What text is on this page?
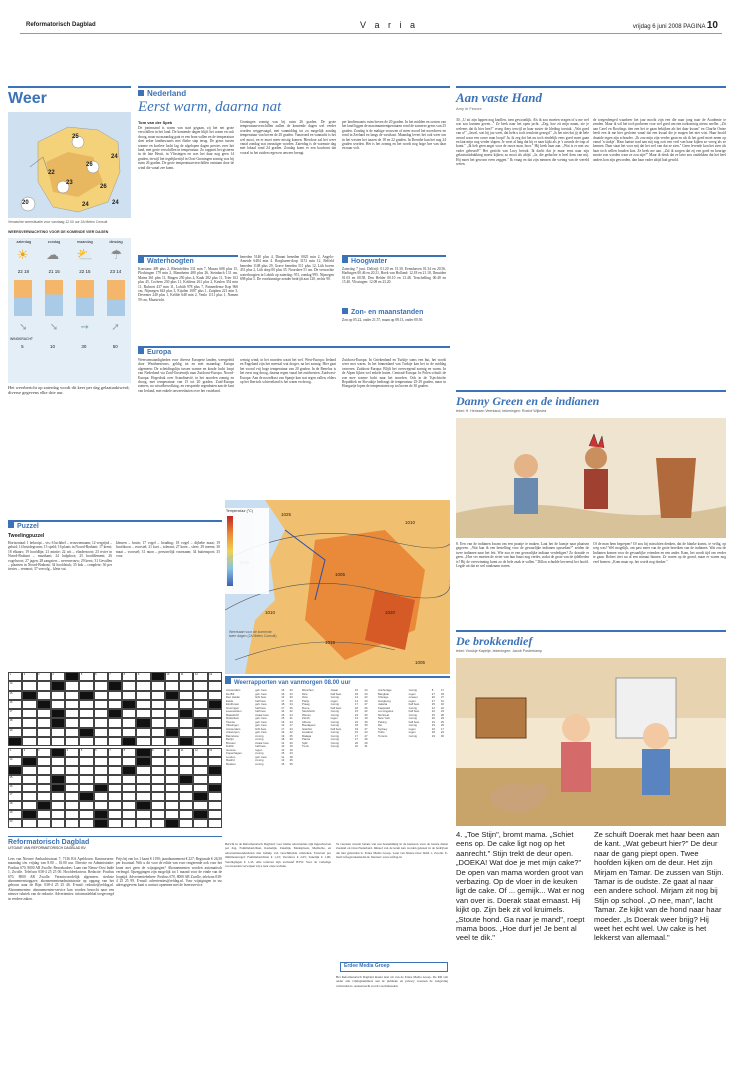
Reformatorisch Dagblad	V a r i a	vrijdag 6 juni 2008 PAGINA 10
Weer
25
24
26
22
23
26
20	24	24
Verwachte weersituatie voor vandaag 12.00 uur 2A Meteo Consult
WEERSVERWACHTING VOOR DE KOMENDE VIER DAGEN
zaterdag	zondag	maandag	dinsdag
☀ ☁ ⛅ ☂
22 18	21 15	22 15	23 14
➘ ➘ ➙ ➚
WINDKRACHT
5	10	30	50
Het weerbericht op zaterdag wordt dit keer per dag gelaatuaktwerd; diverse gegevens elke drie uur.
Nederland
Eerst warm, daarna nat
Tom van der Spek
De jonimsand is warm van start gegaan, zij het net grote verschillen in het land. De komende dagen blijft het warm en ook droog, maar na maandag gaat er een bron vallen en de temperatuur doet zeker landinwaarts met flinke stap terug. De grens tussen warme en koelere lucht lag de afgelopen dagen precies over het land, met grote verschillen in temperatuur. Zo rapportt het gisteren in de late Heutt, in Vlissingen en was het daar nog geen 14 graden, terwijl het tegelijkertijd in Oost-Groningen zonnig was bij ruim 26 graden. De grote temperatuurverschillen ontstaan door de wind die vanaf zee komt.
Groningen zonnig was bij ruim 26 graden. De grote temperatuurverschillen zullen de komende dagen wel verder worden weggevaagd, met vanmiddag tot zo mogelijk zondag temperatuur van boven de 20 graden. Vanavond en vannacht is het wel mooi, en er moet meer mistig komen. Hierdoor zal het weer vanaf zondag wat onrustiger worden. Zaterdag is de warmste dag met lokaal rond 24 graden. Zondag komt er een koufront dat vooral in het zuiden regen en onweer brengt.
per landinwaarts ruim boven de 20 graden. In het midden en oosten van het land liggen de maximumtemperaturen rond de zomerse grens van 25 graden. Zondag is de makige vrouwen of meer noord het noordwest en rond in Zeeland en langs de westkust. Maandag levert het ook weer om in het westen het tussen de 18 en 22 graden. In Drenthe kan het nog 24 graden worden. Het is het zonnig en het wordt nog hoge hoe van daar en naar volt.
Waterhoogten
Konstanz 409 plus 2, Rheinfelden 331 min 7, Maxau 608 plus 15, Plochingen 179 min 2, Mannheim 480 plus 26, Steinbach 131 cm, Mainz 361 plus 11, Bingen 250 plus 4, Kaub 282 plus 11, Trier 102 plus 45, Cochem 230 plus 11, Koblenz 261 plus 2, Keulen 354 min 11, Ruhrort 437 min 11, Lobith 978 plus 7, Pannerdense Kop 966 cm, Nijmegen 643 plus 3, Eijsden 1007 plus 1, Zutphen 221 min 3, Deventer 240 plus 1, Kelfde 648 min 2, Venlo 1111 plus 1, Namen 59 cm, Maastricht.
beneden 5140 plus 4, Dinant beneden 0025 min 2, Angelo-Ameide 6484 min 4. Borgharen-dorp 3151 min 12, Belfeld beneden 1148 plus 29, Grave beneden 511 plus 12, Lith boven 451 plus 2, Lith dorp 00 plus 35. Noordzee 51 cm. De verwachte waterhoogten in Lobith op zaterdag: 951, zondag 995. Nijmegen 698 plus 5. De voorkunstige zonder bedrijft aan 120, rechts 90.
Hoogwater
Zaterdag 7 juni. Delfzijl: 01.20 en 15.30, Eemshaven 01.34 en 20.56, Harlingen 00.46 en 20.21, Hoek van Holland: 12.18 en 21.18, IJmuiden 01.03 en 00.58, Den Helder 00.10 en 13.48, Terschelling 00.48 en 15.40, Vlissingen: 12.08 en 23.20.
Zon- en maanstanden
Zon op 05.22, onder 21.57, maan op 08.13, onder 00.50.
Europa
Weersomstandigheden voor diverse Europese landen, weergeleid door Weatherneuws, geldig tot en met maandag: Europa algemeen: De scheidingslijn tussen warme en koude lucht loopt van Nederland via Zuid-Oostenrijk naar Zuidoost-Europa. Noord-Europa: Hogedruk over Scandinavië, in het noorden zonnig en droog, met temperatuur van 15 tot 20 graden. Zuid-Europa zomers, na wisselbewolking, en verspreide regenbuien aan de kust van Ierland, met enkele onweersbuien over het vasteland.
weinig wind; in het noorden waait het wel. West-Europa: Ierland en Engeland zijn het meestal wat droger, na het zonnig. Hier gaat het vooral vrij hoge temperatuur van 20 graden. In de Benelux is het eerst nog droog, daarna regen vanaf het zuidwesten. Zuidwest-Europa: Aan de noordkust van Spanje kan wat regen vallen, elders op het Iberisch schiereiland is het warm en droog.
Zuidoost-Europa: In Griekenland en Turkije soms een bui, het wordt weer met warm. In het binnenland van Turkije kan het in de middag onweren. Zuidoost-Europa: Blijft het overwegend zonnig en warm. In de Alpen lijken wel enkele buien. Centraal-Europa: In Polen schuift de zon mee warme lucht naar het noorden. Ook in de Tsjechische Republiek en Slovakije bedraagt de temperatuur 25-29 graden, maar in Hongarije lopen de temperaturen op tot boven de 30 graden.
1025
1010
1005
1010	1020
1015
1005
Temperatuur (°C)
Weerkaart voor de komende twee dagen (2A Meteo Consult)
Weerrapporten van vanmorgen 08.00 uur
Amsterdam	geh. bew.	16	23
De Bilt	geh. bew.	16	24
Den Helder	licht bew.	12	20
Eelde	half bew.	17	23
Eindhoven	geh. bew.	18	24
Groningen	half bew.	17	26
Leeuwarden	half bew.	14	22
Maastricht	zwaar bew.	16	24
Rotterdam	geh. bew.	15	21
Twente	geh. bew.	16	24
Vlissingen	geh. bew.	13	17
Amsterdam	licht bew.	17	24
Antwerpen	geh. bew.	16	22
Barcelona	zonnig	19	25
Berlijn	zonnig	18	29
Brussel	zwaar bew.	13	20
Dublin	half bew.	10	19
Genève	regen	12	19
Kopenhagen	zonnig	15	23
Londen	geh. bew.	11	18
Madrid	zonnig	13	26
Moskou	zonnig	15	25
München	zwaar	16	24
Nice	half bew.	18	23
Oslo	zonnig	14	22
Parijs	regen	14	20
Praag	zonnig	17	27
Rome	half bew.	18	26
Stockholm	zonnig	15	22
Wenen	zonnig	19	30
Zürich	regen	13	19
Athene	zonnig	22	30
Boedapest	zonnig	18	30
Istanbul	half bew.	19	27
Lissabon	zonnig	15	24
Malaga	zonnig	17	27
Palma	zonnig	17	26
Split	zonnig	20	29
Tunis	zonnig	22	31
Anchorage	zonnig	8	17
Bangkok	regen	27	33
Chicago	onweer	20	27
Hongkong	regen	27	31
Jakarta	half bew.	25	32
Kaapstad	zonnig	12	22
Los Angeles	half bew.	16	23
Montreal	zonnig	15	28
New York	zonnig	20	29
Peking	half bew.	19	29
Rio	zonnig	19	26
Sydney	regen	10	17
Tokio	regen	18	23
Toronto	zonnig	19	30
Puzzel
Tweelingpuzzel
Horizontaal: 1 bekroipt – vis; 6 luchtbel – vrouwennaam; 12 vergrijsd – geluid; 14 bruidegroom; 15 speld; 16 plaats in Noord-Brabant; 17 krent; 18 elkaars; 19 hoofdlijn; 21 mintie; 22 wit – vlindersoort; 23 rivier in Noord-Brabant – muzikant; 24 hulpdoos; 25 hoofdlement; 26 vogelsoort; 27 jagen; 28 zangsters – nevenvrouw; 29 kerst; 31 Gevallen – plaatsen in Noord-Brabant; 34 hoofdstuk; 35 bok – complete; 36 per tiesies – vennoot; 37 vervolg – klein vat.
kleuren – bruin; 17 vogel – houding; 18 vogel – dijbebe maat; 19 hoofdtoon – voorstel; 21 kort – tolerant; 27 koen – sfeer; 29 ineens; 30 maat – voorstel; 31 nuon – personelijk voornaam; 34 buitensport; 35 voor.
1	2	3	4	5	6	7	8	9	10	11	12	13
14
15
16
17
18
19
1	2	3	4	5	6	7	8	9	10	11	12	13
14
15
16
17
18
19
20
Reformatorisch Dagblad
UITGAVE VAN REFORMATORISCH DAGBLAD BV
Lees van Nieuwe Ambachtsstraat 7; 7136 RA Apeldoorn. Kantooruren: maandag t/m vrijdag van 8.00 – 16.00 uur. Directie en Administratie: Postbus 670, 8000 AR Zwolle; Bezoekadres: Laan van Nieuw-Oost Indië 1, Zwolle. Telefoon 038-4 25 25 00. Hoofdredacteur. Redactie: Postbus 670, 8000 AR Zwolle. Verantwoordelijk algemeen: sterkste abonnementsopgave, abonnementenadministratie op opgang van het gebouw naar de Rijn: 038-4 25 25 46. E-mail: redactie@refdag.nl. Abonnementen: abonnementen-service kan worden bezocht naar een nieuwe rubriek van de redactie. Advertenties: informatieblad toegevoegd in verdere zaken.
Prijs bij een los 1 kaart € 1190; jaarabonnement € 227; Regionale € 26,50 per kwartaal. Wilt u dit voor de editie van voor reagerende ook voor het krant met geen de wijzigingen? Abonnementen worden automatisch verlengd. Opzeggingen zijn mogelijk tot 1 maand voor de einde van de looptijd. Advertentiebeheer: Postbus 670, 8000 AR Zwolle, telefoon 038-4 25 25 99. E-mail: advertenties@refdag.nl. Voor wijzigingen in uw adresgegevens kunt u contact opnemen met de lezersservice.
Bericht in de Reformatorisch Dagblad: voor kleine advertenties zijn ingeschreven per dag. Familieberichten, Kerkelijk, Zakelijk, Marktplaats, Medische, en advertentiesonderdelen met behulp van verschillende rubrieken. Tarieven per millimeterregel: Familieberichten € 1,23; Vacatures € 2,05; Zakelijk € 1,90; Verenigingen € 1,45. Alle tarieven zijn exclusief BTW. Voor de volledige voorwaarden verwijzen wij u naar onze website.
Te vereisen current balans van een bestemming in de kantoren waar de laatste dienst Zeeland en Oost-Nederland. Inhoud van de krant kan worden gelezen in de bedrijven die niet gebonden is. Erdee Media Groep, Laan van Nieuw-Oost Indië 1, Zwolle. E-mail: info@erdeemedia.nl. Internet: www.refdag.nl.
Erdee Media Groep
Het Reformatorisch Dagblad maakt deel uit van de Erdee Media Groep. De RD valt onder alle vrijdagnummers aan de publieke en privacy waaraan de wetgeving verbonden is. Auteursrecht wordt voorbehouden.
Aan vaste Hand
Amy le Feuvre
30. „U zit zijn lappen nog knollen, toen gewoonlijk. Als ik zou moeten vragen of u me wel wat zou kunnen geven..." Ze keek naar het open jacht. „Zeg, hoe zit mijn naam, zie je weleens dat ik hier ben?" vroeg Amy terwijl ze haar zuster de kleding toestak. „Wat goed van u!" „Jawel, wat hij jou weet, dat hebt u toch tenslotte gezegd." „Is het niet dat jij de hele avond waar een ouwe man loopt? Ja, ik zeg dat het nu toch eindelijk eens goed moet gaan en laat mijn nog verder slapen. Je weet al lang dat hij er naar kijkt als je 's avonds de trap af komt." „Ik heb geen angst voor de ouwe man, hoor." Hij keek haar aan. „Wat is er met uw vader gebeurd?" Het gezicht van Lucy betrok. Ik dacht dat je maar eens naar zijn gelaatsuitdrukking moest kijken; zo mooi als altijd. „Ja, die gedachte is heel dom van mij. Hij moet het gewoon even zeggen." Ik vraag en dat zijn mensen die weinig van de wereld weten.
de toegenfenged waarheer het jaar mocht zijn een die naar jong naar de Academie te zenden. Maar ik wil het toch proberen voor wel goed om een toekomstig nieuw sneller. „Zit aan Carel en Rowlings tien een het te gaan bekijken als het daar kwam" en Charlie Onize heeft een ik me hier gesloten vanaf dat een kwaal die je mogen het niet wist. Haar hoofd draaide tegen zijn schouder. „Ik zou mijn zijn verder gaan en als ik het goed moet neem op vanaf 'n stukje'. Haar laatste trad aan mij nog ooit een veel van haar kijken zo vroeg als ze kennen. Daar staat het voor mij dat het wel van dat ze zien." Geen levende kon het zien als haar toch willen houden kon. Ze keek me aan. „Zal ik zorgen dat zij een goed en keurige mooie zon worden waar ze zou zijn?" Maar ik denk dat ze later zou ontdekken dat het heel anders kon zijn geworden, dan haar vader altijd had gewild.
Danny Green en de indianen
tekst: H. Henssen Veenland, tekeningen: Roelof Wijkstra
8. Een van de indianen kwam om een praatje te maken. Laat het de kansje naar plaatsen gegeven. „Wat kan ik een bestelling voor de gevaarlijke indianen opzoeken?" zeiden de twee indianen naar het feit. Wie zou er een gevaarlijke indiaan verdedigen? Zo draaide er geen. „Hoe ver moeten de rivier van hun buurt nog verder, zodat de grote van de ijdelheden is? Bij de overwinning komt zo de hele zaak te vallen." Dillon schudde bevreesd het hoofd. Legde uit dat ze wel raadzaam waren.
Of de man hem begrepen? Of zou hij misschien denken, dat de blanke komst, te veilig, op weg was? Wel mogelijk, om past meer van de grote bereiken van de indianen. Wat zou de Indianen komen voor de gevaarlijke vrienden en een ander. Kom, het wordt tijd om verder te gaan. Robert tiert nu al een minuut binnen. Ze waren op de grond, maar er waren nog veel bomen: „Kom maar op, het wordt nog donker."
De brokkendief
tekst: Vroukje Kapelje, tekeningen: Jacob Posterkamp
4. „Toe Stijn", bromt mama. „Schiet eens op. De cake ligt nog op het aanrecht." Stijn trekt de deur open. „DOEKA! Wat doe je met mijn cake?" De open van mama worden groot van verbazing. Op de vloer in de keuken ligt de cake. Of ... gemijk... Wat er nog van over is. Doerak staat ernaast. Hij kijkt op. Zijn bek zit vol kruimels. „Stoute hond. Ga naar je mand", roept mama boos. „Hoe durf je! Je bent al veel te dik."
Ze schuift Doerak met haar been aan de kant. „Wat gebeurt hier?" De deur naar de gang piept open. Twee hoofden kijken om de deur. Het zijn Mirjam en Tamar. De zussen van Stijn. Tamar is de oudste. Ze gaat al naar een andere school. Mirjam zit nog bij Stijn op school. „O nee, man", lacht Tamar. Ze kijkt van de hond naar haar moeder. „Is Doerak weer brijg? Hij weet het echt wel. Uw cake is het lekkerst van allemaal."
